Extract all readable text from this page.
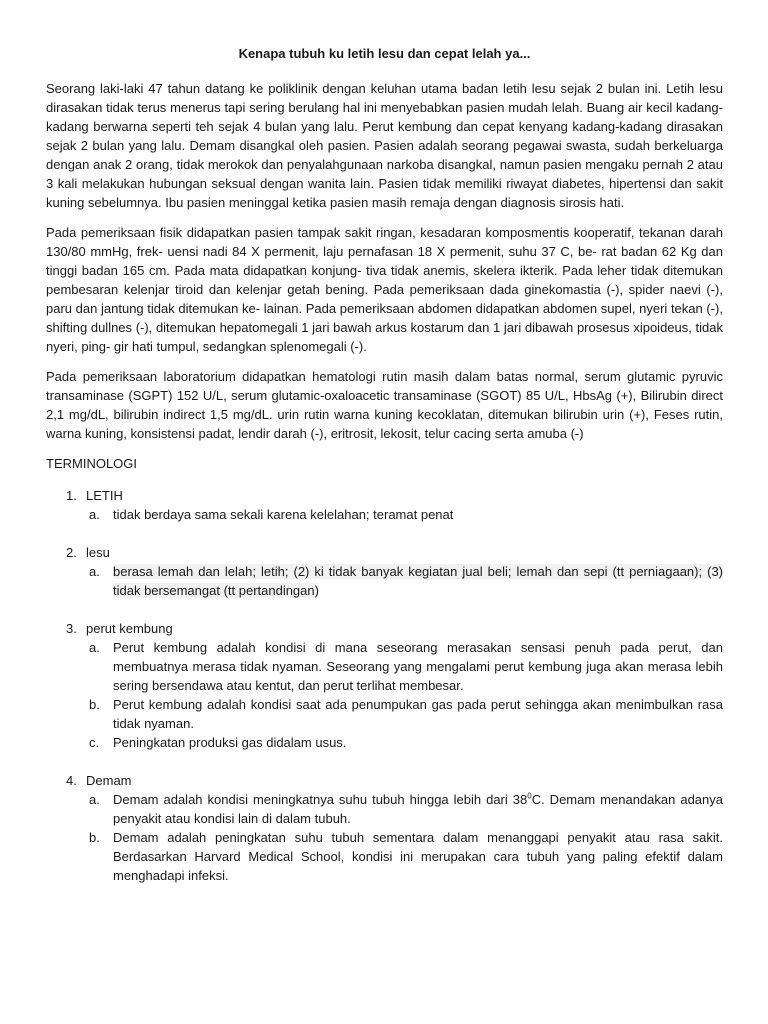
Kenapa tubuh ku letih lesu dan cepat lelah ya...

Seorang laki-laki 47 tahun datang ke poliklinik dengan keluhan utama badan letih lesu sejak 2 bulan ini. Letih lesu dirasakan tidak terus menerus tapi sering berulang hal ini menyebabkan pasien mudah lelah. Buang air kecil kadang-kadang berwarna seperti teh sejak 4 bulan yang lalu. Perut kembung dan cepat kenyang kadang-kadang dirasakan sejak 2 bulan yang lalu. Demam disangkal oleh pasien. Pasien adalah seorang pegawai swasta, sudah berkeluarga dengan anak 2 orang, tidak merokok dan penyalahgunaan narkoba disangkal, namun pasien mengaku pernah 2 atau 3 kali melakukan hubungan seksual dengan wanita lain. Pasien tidak memiliki riwayat diabetes, hipertensi dan sakit kuning sebelumnya. Ibu pasien meninggal ketika pasien masih remaja dengan diagnosis sirosis hati.

Pada pemeriksaan fisik didapatkan pasien tampak sakit ringan, kesadaran komposmentis kooperatif, tekanan darah 130/80 mmHg, frek- uensi nadi 84 X permenit, laju pernafasan 18 X permenit, suhu 37 C, be- rat badan 62 Kg dan tinggi badan 165 cm. Pada mata didapatkan konjung- tiva tidak anemis, skelera ikterik. Pada leher tidak ditemukan pembesaran kelenjar tiroid dan kelenjar getah bening. Pada pemeriksaan dada ginekomastia (-), spider naevi (-), paru dan jantung tidak ditemukan ke- lainan. Pada pemeriksaan abdomen didapatkan abdomen supel, nyeri tekan (-), shifting dullnes (-), ditemukan hepatomegali 1 jari bawah arkus kostarum dan 1 jari dibawah prosesus xipoideus, tidak nyeri, ping- gir hati tumpul, sedangkan splenomegali (-).

Pada pemeriksaan laboratorium didapatkan hematologi rutin masih dalam batas normal, serum glutamic pyruvic transaminase (SGPT) 152 U/L, serum glutamic-oxaloacetic transaminase (SGOT) 85 U/L, HbsAg (+), Bilirubin direct 2,1 mg/dL, bilirubin indirect 1,5 mg/dL. urin rutin warna kuning kecoklatan, ditemukan bilirubin urin (+), Feses rutin, warna kuning, konsistensi padat, lendir darah (-), eritrosit, lekosit, telur cacing serta amuba (-)

TERMINOLOGI
1. LETIH
a. tidak berdaya sama sekali karena kelelahan; teramat penat
2. lesu
a. berasa lemah dan lelah; letih; (2) ki tidak banyak kegiatan jual beli; lemah dan sepi (tt perniagaan); (3) tidak bersemangat (tt pertandingan)
3. perut kembung
a. Perut kembung adalah kondisi di mana seseorang merasakan sensasi penuh pada perut, dan membuatnya merasa tidak nyaman. Seseorang yang mengalami perut kembung juga akan merasa lebih sering bersendawa atau kentut, dan perut terlihat membesar.
b. Perut kembung adalah kondisi saat ada penumpukan gas pada perut sehingga akan menimbulkan rasa tidak nyaman.
c. Peningkatan produksi gas didalam usus.
4. Demam
a. Demam adalah kondisi meningkatnya suhu tubuh hingga lebih dari $38^0C$. Demam menandakan adanya penyakit atau kondisi lain di dalam tubuh.
b. Demam adalah peningkatan suhu tubuh sementara dalam menanggapi penyakit atau rasa sakit. Berdasarkan Harvard Medical School, kondisi ini merupakan cara tubuh yang paling efektif dalam menghadapi infeksi.
